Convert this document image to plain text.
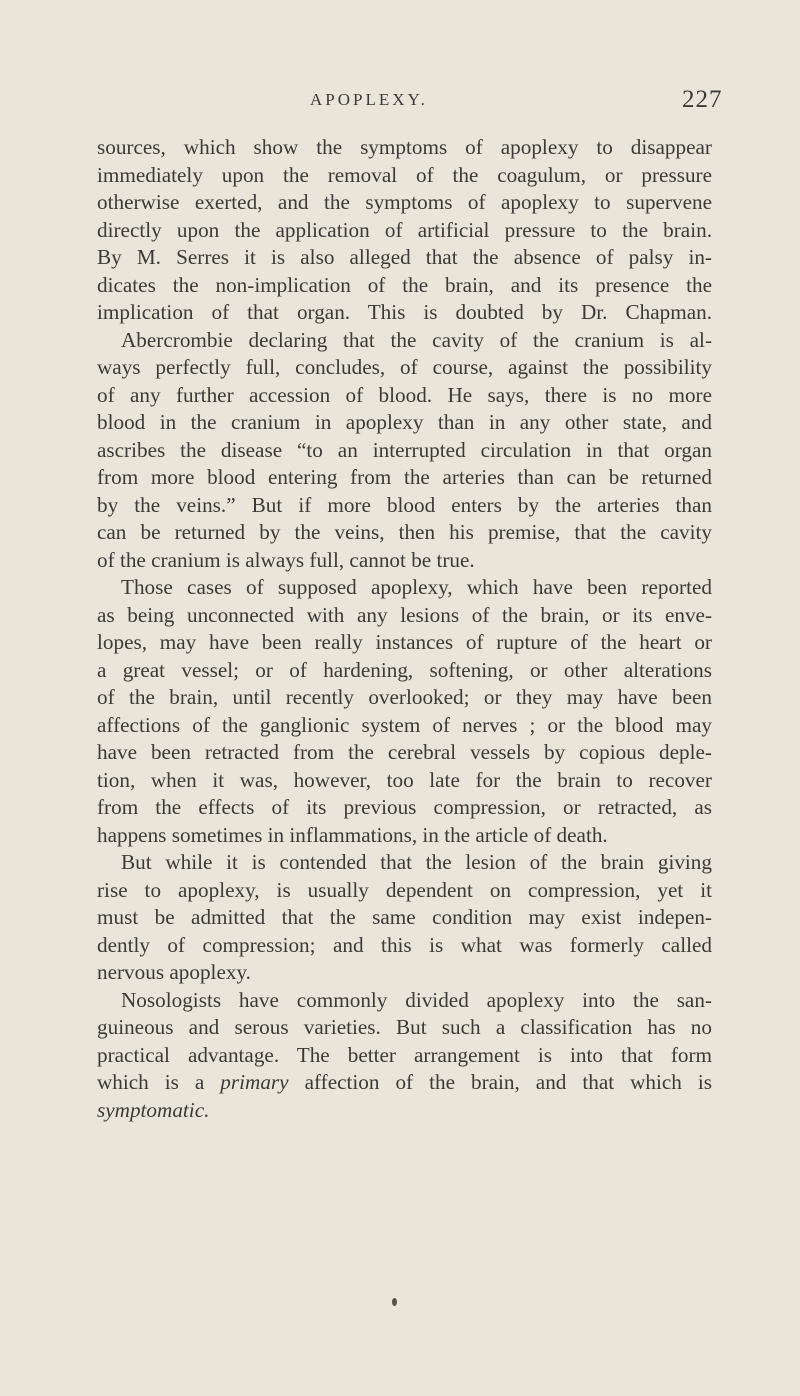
APOPLEXY.	227
sources, which show the symptoms of apoplexy to disappear
immediately upon the removal of the coagulum, or pressure
otherwise exerted, and the symptoms of apoplexy to supervene
directly upon the application of artificial pressure to the brain.
By M. Serres it is also alleged that the absence of palsy in-
dicates the non-implication of the brain, and its presence the
implication of that organ. This is doubted by Dr. Chapman.
Abercrombie declaring that the cavity of the cranium is al-
ways perfectly full, concludes, of course, against the possibility
of any further accession of blood. He says, there is no more
blood in the cranium in apoplexy than in any other state, and
ascribes the disease “to an interrupted circulation in that organ
from more blood entering from the arteries than can be returned
by the veins.” But if more blood enters by the arteries than
can be returned by the veins, then his premise, that the cavity
of the cranium is always full, cannot be true.
Those cases of supposed apoplexy, which have been reported
as being unconnected with any lesions of the brain, or its enve-
lopes, may have been really instances of rupture of the heart or
a great vessel; or of hardening, softening, or other alterations
of the brain, until recently overlooked; or they may have been
affections of the ganglionic system of nerves ; or the blood may
have been retracted from the cerebral vessels by copious deple-
tion, when it was, however, too late for the brain to recover
from the effects of its previous compression, or retracted, as
happens sometimes in inflammations, in the article of death.
But while it is contended that the lesion of the brain giving
rise to apoplexy, is usually dependent on compression, yet it
must be admitted that the same condition may exist indepen-
dently of compression; and this is what was formerly called
nervous apoplexy.
Nosologists have commonly divided apoplexy into the san-
guineous and serous varieties. But such a classification has no
practical advantage. The better arrangement is into that form
which is a primary affection of the brain, and that which is
symptomatic.
